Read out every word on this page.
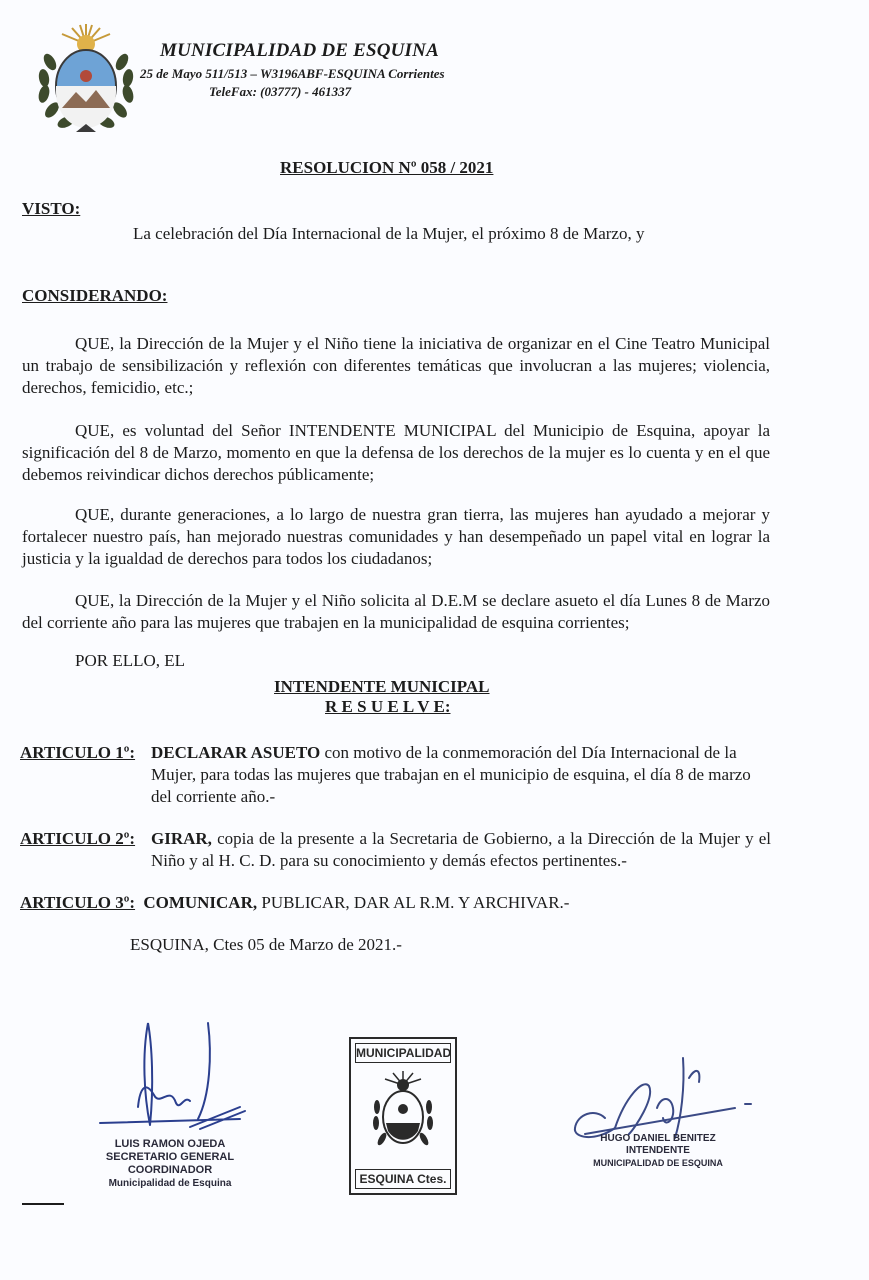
MUNICIPALIDAD DE ESQUINA
25 de Mayo 511/513 – W3196ABF-ESQUINA Corrientes
TeleFax: (03777) - 461337
RESOLUCION Nº 058 / 2021
VISTO:
La celebración del Día Internacional de la Mujer, el próximo 8 de Marzo, y
CONSIDERANDO:
QUE, la Dirección de la Mujer y el Niño tiene la iniciativa de organizar en el Cine Teatro Municipal un trabajo de sensibilización y reflexión con diferentes temáticas que involucran a las mujeres; violencia, derechos, femicidio, etc.;
QUE, es voluntad del Señor INTENDENTE MUNICIPAL del Municipio de Esquina, apoyar la significación del 8 de Marzo, momento en que la defensa de los derechos de la mujer es lo cuenta y en el que debemos reivindicar dichos derechos públicamente;
QUE, durante generaciones, a lo largo de nuestra gran tierra, las mujeres han ayudado a mejorar y fortalecer nuestro país, han mejorado nuestras comunidades y han desempeñado un papel vital en lograr la justicia y la igualdad de derechos para todos los ciudadanos;
QUE, la Dirección de la Mujer y el Niño solicita al D.E.M se declare asueto el día Lunes 8 de Marzo del corriente año para las mujeres que trabajen en la municipalidad de esquina corrientes;
POR ELLO, EL
INTENDENTE MUNICIPAL
R E S U E L V E:
ARTICULO 1º: DECLARAR ASUETO con motivo de la conmemoración del Día Internacional de la Mujer, para todas las mujeres que trabajan en el municipio de esquina, el día 8 de marzo del corriente año.-
ARTICULO 2º: GIRAR, copia de la presente a la Secretaria de Gobierno, a la Dirección de la Mujer y el Niño y al H. C. D. para su conocimiento y demás efectos pertinentes.-
ARTICULO 3º: COMUNICAR, PUBLICAR, DAR AL R.M. Y ARCHIVAR.-
ESQUINA, Ctes 05 de Marzo de 2021.-
LUIS RAMON OJEDA
SECRETARIO GENERAL
COORDINADOR
Municipalidad de Esquina
MUNICIPALIDAD
ESQUINA Ctes.
HUGO DANIEL BENITEZ
INTENDENTE
MUNICIPALIDAD DE ESQUINA
